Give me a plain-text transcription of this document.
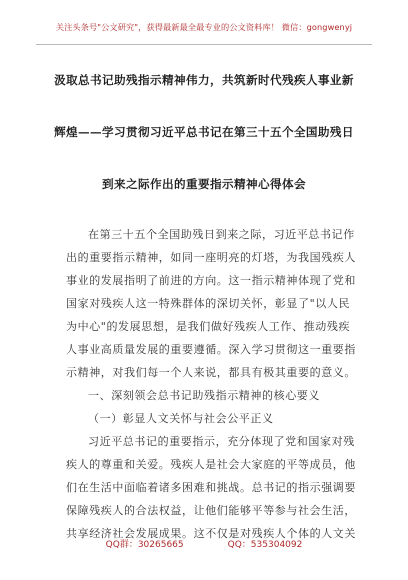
关注头条号"公文研究"，获得最新最全最专业的公文资料库！ 微信：gongwenyj
汲取总书记助残指示精神伟力，共筑新时代残疾人事业新
辉煌——学习贯彻习近平总书记在第三十五个全国助残日
到来之际作出的重要指示精神心得体会
在第三十五个全国助残日到来之际，习近平总书记作
出的重要指示精神，如同一座明亮的灯塔，为我国残疾人
事业的发展指明了前进的方向。这一指示精神体现了党和
国家对残疾人这一特殊群体的深切关怀，彰显了"以人民
为中心"的发展思想，是我们做好残疾人工作、推动残疾
人事业高质量发展的重要遵循。深入学习贯彻这一重要指
示精神，对我们每一个人来说，都具有极其重要的意义。
一、深刻领会总书记助残指示精神的核心要义
（一）彰显人文关怀与社会公平正义
习近平总书记的重要指示，充分体现了党和国家对残
疾人的尊重和关爱。残疾人是社会大家庭的平等成员，他
们在生活中面临着诸多困难和挑战。总书记的指示强调要
保障残疾人的合法权益，让他们能够平等参与社会生活，
共享经济社会发展成果。这不仅是对残疾人个体的人文关
QQ群：30265665	QQ：535304092
